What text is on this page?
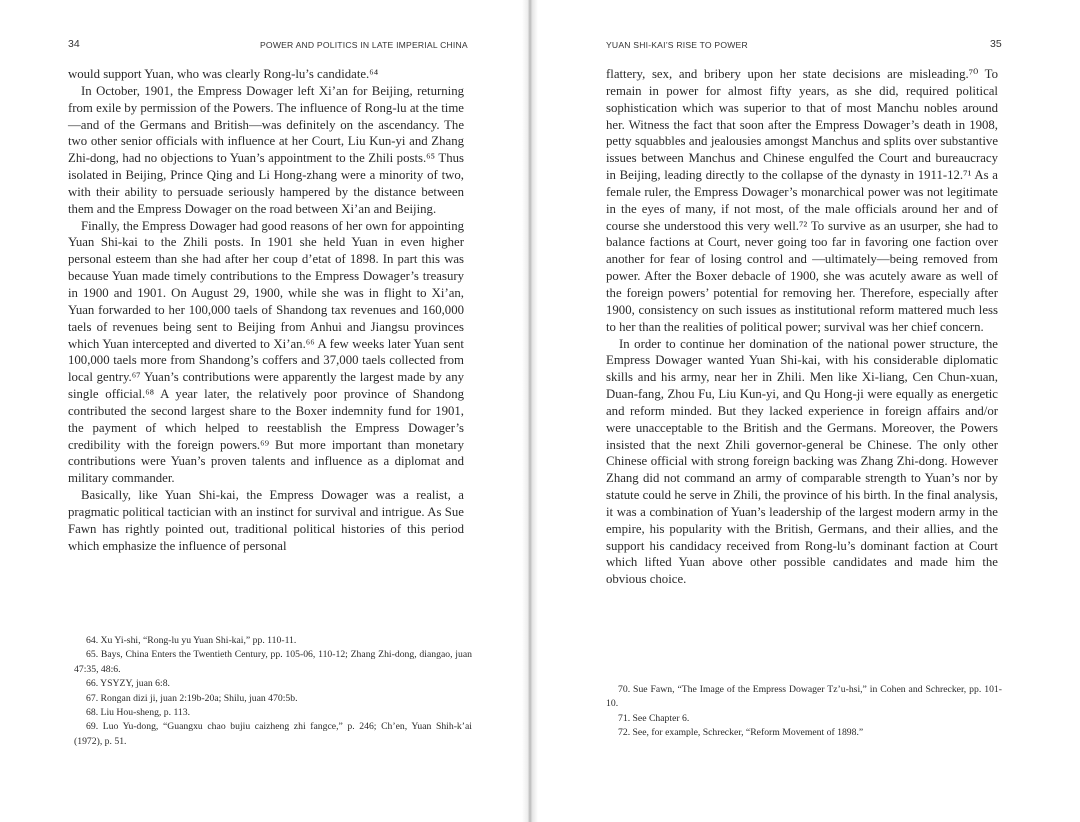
34	POWER AND POLITICS IN LATE IMPERIAL CHINA

would support Yuan, who was clearly Rong-lu’s candidate.⁶⁴

In October, 1901, the Empress Dowager left Xi’an for Beijing, returning from exile by permission of the Powers. The influence of Rong-lu at the time—and of the Germans and British—was definitely on the ascendancy. The two other senior officials with influence at her Court, Liu Kun-yi and Zhang Zhi-dong, had no objections to Yuan’s appointment to the Zhili posts.⁶⁵ Thus isolated in Beijing, Prince Qing and Li Hong-zhang were a minority of two, with their ability to persuade seriously hampered by the distance between them and the Empress Dowager on the road between Xi’an and Beijing.

Finally, the Empress Dowager had good reasons of her own for appointing Yuan Shi-kai to the Zhili posts. In 1901 she held Yuan in even higher personal esteem than she had after her coup d’etat of 1898. In part this was because Yuan made timely contributions to the Empress Dowager’s treasury in 1900 and 1901. On August 29, 1900, while she was in flight to Xi’an, Yuan forwarded to her 100,000 taels of Shandong tax revenues and 160,000 taels of revenues being sent to Beijing from Anhui and Jiangsu provinces which Yuan intercepted and diverted to Xi’an.⁶⁶ A few weeks later Yuan sent 100,000 taels more from Shandong’s coffers and 37,000 taels collected from local gentry.⁶⁷ Yuan’s contributions were apparently the largest made by any single official.⁶⁸ A year later, the relatively poor province of Shandong contributed the second largest share to the Boxer indemnity fund for 1901, the payment of which helped to reestablish the Empress Dowager’s credibility with the foreign powers.⁶⁹ But more important than monetary contributions were Yuan’s proven talents and influence as a diplomat and military commander.

Basically, like Yuan Shi-kai, the Empress Dowager was a realist, a pragmatic political tactician with an instinct for survival and intrigue. As Sue Fawn has rightly pointed out, traditional political histories of this period which emphasize the influence of personal

64. Xu Yi-shi, “Rong-lu yu Yuan Shi-kai,” pp. 110-11.

65. Bays, China Enters the Twentieth Century, pp. 105-06, 110-12; Zhang Zhi-dong, diangao, juan 47:35, 48:6.

66. YSYZY, juan 6:8.

67. Rongan dizi ji, juan 2:19b-20a; Shilu, juan 470:5b.

68. Liu Hou-sheng, p. 113.

69. Luo Yu-dong, “Guangxu chao bujiu caizheng zhi fangce,” p. 246; Ch’en, Yuan Shih-k’ai (1972), p. 51.

YUAN SHI-KAI’S RISE TO POWER	35

flattery, sex, and bribery upon her state decisions are misleading.⁷⁰ To remain in power for almost fifty years, as she did, required political sophistication which was superior to that of most Manchu nobles around her. Witness the fact that soon after the Empress Dowager’s death in 1908, petty squabbles and jealousies amongst Manchus and splits over substantive issues between Manchus and Chinese engulfed the Court and bureaucracy in Beijing, leading directly to the collapse of the dynasty in 1911-12.⁷¹ As a female ruler, the Empress Dowager’s monarchical power was not legitimate in the eyes of many, if not most, of the male officials around her and of course she understood this very well.⁷² To survive as an usurper, she had to balance factions at Court, never going too far in favoring one faction over another for fear of losing control and —ultimately—being removed from power. After the Boxer debacle of 1900, she was acutely aware as well of the foreign powers’ potential for removing her. Therefore, especially after 1900, consistency on such issues as institutional reform mattered much less to her than the realities of political power; survival was her chief concern.

In order to continue her domination of the national power structure, the Empress Dowager wanted Yuan Shi-kai, with his considerable diplomatic skills and his army, near her in Zhili. Men like Xi-liang, Cen Chun-xuan, Duan-fang, Zhou Fu, Liu Kun-yi, and Qu Hong-ji were equally as energetic and reform minded. But they lacked experience in foreign affairs and/or were unacceptable to the British and the Germans. Moreover, the Powers insisted that the next Zhili governor-general be Chinese. The only other Chinese official with strong foreign backing was Zhang Zhi-dong. However Zhang did not command an army of comparable strength to Yuan’s nor by statute could he serve in Zhili, the province of his birth. In the final analysis, it was a combination of Yuan’s leadership of the largest modern army in the empire, his popularity with the British, Germans, and their allies, and the support his candidacy received from Rong-lu’s dominant faction at Court which lifted Yuan above other possible candidates and made him the obvious choice.

70. Sue Fawn, “The Image of the Empress Dowager Tz’u-hsi,” in Cohen and Schrecker, pp. 101-10.

71. See Chapter 6.

72. See, for example, Schrecker, “Reform Movement of 1898.”
